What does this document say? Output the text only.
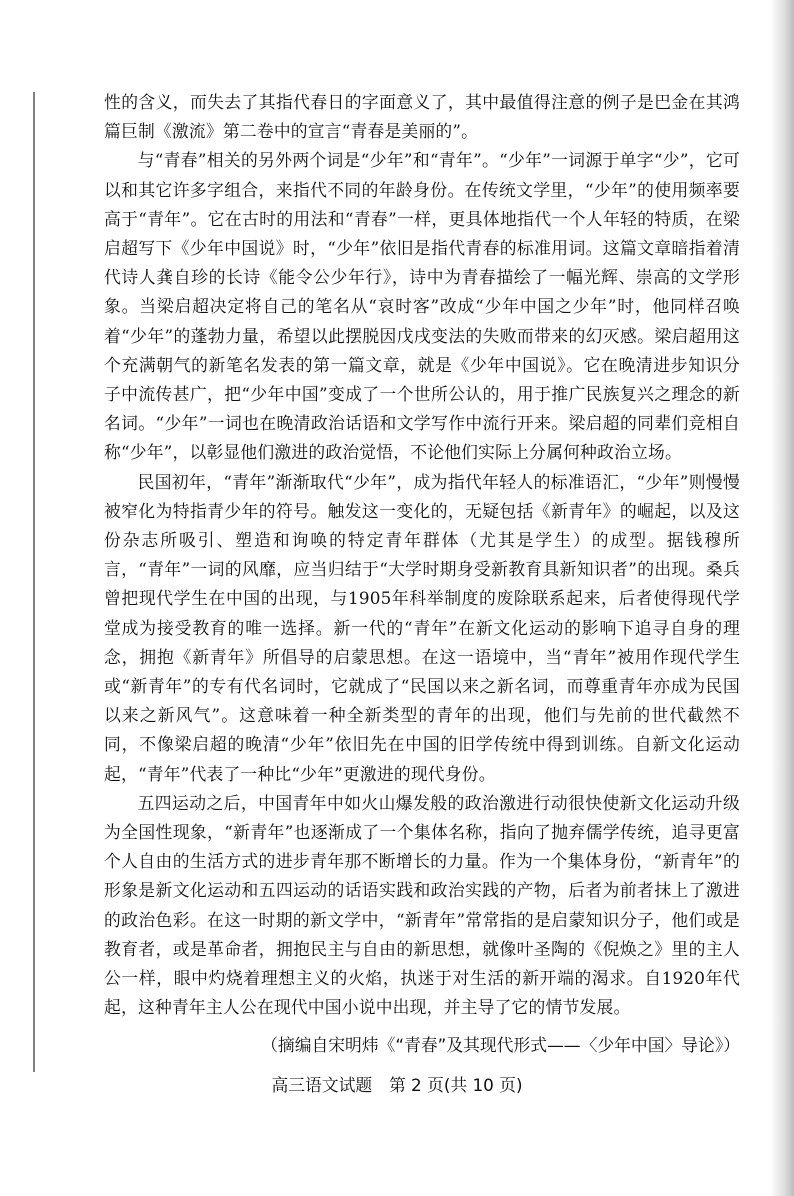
性的含义，而失去了其指代春日的字面意义了，其中最值得注意的例子是巴金在其鸿篇巨制《激流》第二卷中的宣言“青春是美丽的”。

与“青春”相关的另外两个词是“少年”和“青年”。“少年”一词源于单字“少”，它可以和其它许多字组合，来指代不同的年龄身份。在传统文学里，“少年”的使用频率要高于“青年”。它在古时的用法和“青春”一样，更具体地指代一个人年轻的特质，在梁启超写下《少年中国说》时，“少年”依旧是指代青春的标准用词。这篇文章暗指着清代诗人龚自珍的长诗《能令公少年行》，诗中为青春描绘了一幅光辉、崇高的文学形象。当梁启超决定将自己的笔名从“哀时客”改成“少年中国之少年”时，他同样召唤着“少年”的蓬勃力量，希望以此摆脱因戊戌变法的失败而带来的幻灭感。梁启超用这个充满朝气的新笔名发表的第一篇文章，就是《少年中国说》。它在晚清进步知识分子中流传甚广，把“少年中国”变成了一个世所公认的，用于推广民族复兴之理念的新名词。“少年”一词也在晚清政治话语和文学写作中流行开来。梁启超的同辈们竞相自称“少年”，以彰显他们激进的政治觉悟，不论他们实际上分属何种政治立场。

民国初年，“青年”渐渐取代“少年”，成为指代年轻人的标准语汇，“少年”则慢慢被窄化为特指青少年的符号。触发这一变化的，无疑包括《新青年》的崛起，以及这份杂志所吸引、塑造和询唤的特定青年群体（尤其是学生）的成型。据钱穆所言，“青年”一词的风靡，应当归结于“大学时期身受新教育具新知识者”的出现。桑兵曾把现代学生在中国的出现，与1905年科举制度的废除联系起来，后者使得现代学堂成为接受教育的唯一选择。新一代的“青年”在新文化运动的影响下追寻自身的理念，拥抱《新青年》所倡导的启蒙思想。在这一语境中，当“青年”被用作现代学生或“新青年”的专有代名词时，它就成了“民国以来之新名词，而尊重青年亦成为民国以来之新风气”。这意味着一种全新类型的青年的出现，他们与先前的世代截然不同，不像梁启超的晚清“少年”依旧先在中国的旧学传统中得到训练。自新文化运动起，“青年”代表了一种比“少年”更激进的现代身份。

五四运动之后，中国青年中如火山爆发般的政治激进行动很快使新文化运动升级为全国性现象，“新青年”也逐渐成了一个集体名称，指向了抛弃儒学传统，追寻更富个人自由的生活方式的进步青年那不断增长的力量。作为一个集体身份，“新青年”的形象是新文化运动和五四运动的话语实践和政治实践的产物，后者为前者抹上了激进的政治色彩。在这一时期的新文学中，“新青年”常常指的是启蒙知识分子，他们或是教育者，或是革命者，拥抱民主与自由的新思想，就像叶圣陶的《倪焕之》里的主人公一样，眼中灼烧着理想主义的火焰，执迷于对生活的新开端的渴求。自1920年代起，这种青年主人公在现代中国小说中出现，并主导了它的情节发展。

（摘编自宋明炜《“青春”及其现代形式——〈少年中国〉导论》）

高三语文试题　第 2 页(共 10 页)
